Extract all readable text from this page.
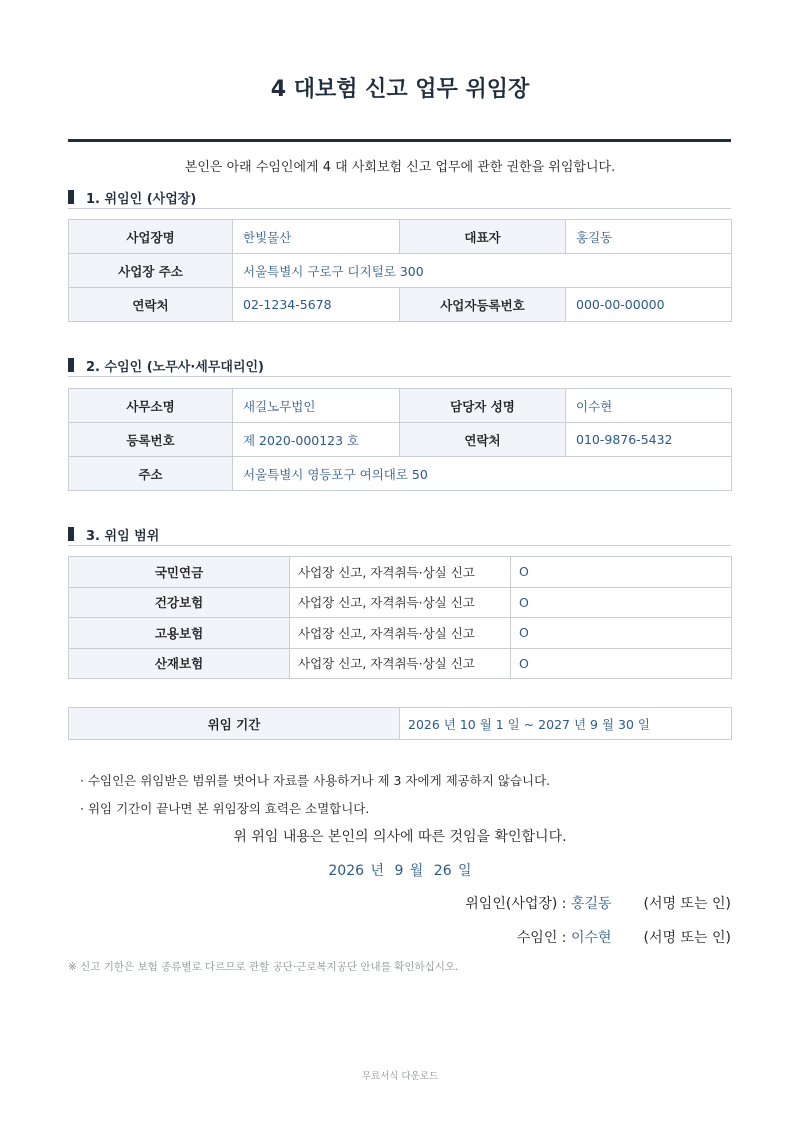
4 대보험 신고 업무 위임장
본인은 아래 수임인에게 4 대 사회보험 신고 업무에 관한 권한을 위임합니다.
1. 위임인 (사업장)
사업장명	한빛물산	대표자	홍길동
사업장 주소	서울특별시 구로구 디지털로 300		
연락처	02-1234-5678	사업자등록번호	000-00-00000
2. 수임인 (노무사·세무대리인)
사무소명	새길노무법인	담당자 성명	이수현
등록번호	제 2020-000123 호	연락처	010-9876-5432
주소	서울특별시 영등포구 여의대로 50		
3. 위임 범위
국민연금	사업장 신고, 자격취득·상실 신고	O
건강보험	사업장 신고, 자격취득·상실 신고	O
고용보험	사업장 신고, 자격취득·상실 신고	O
산재보험	사업장 신고, 자격취득·상실 신고	O
위임 기간	2026 년 10 월 1 일 ~ 2027 년 9 월 30 일
· 수임인은 위임받은 범위를 벗어나 자료를 사용하거나 제 3 자에게 제공하지 않습니다.
· 위임 기간이 끝나면 본 위임장의 효력은 소멸합니다.
위 위임 내용은 본인의 의사에 따른 것임을 확인합니다.
2026 년 9 월 26 일
위임인(사업장) : 홍길동 (서명 또는 인)
수임인 : 이수현 (서명 또는 인)
※ 신고 기한은 보험 종류별로 다르므로 관할 공단·근로복지공단 안내를 확인하십시오.
무료서식 다운로드
